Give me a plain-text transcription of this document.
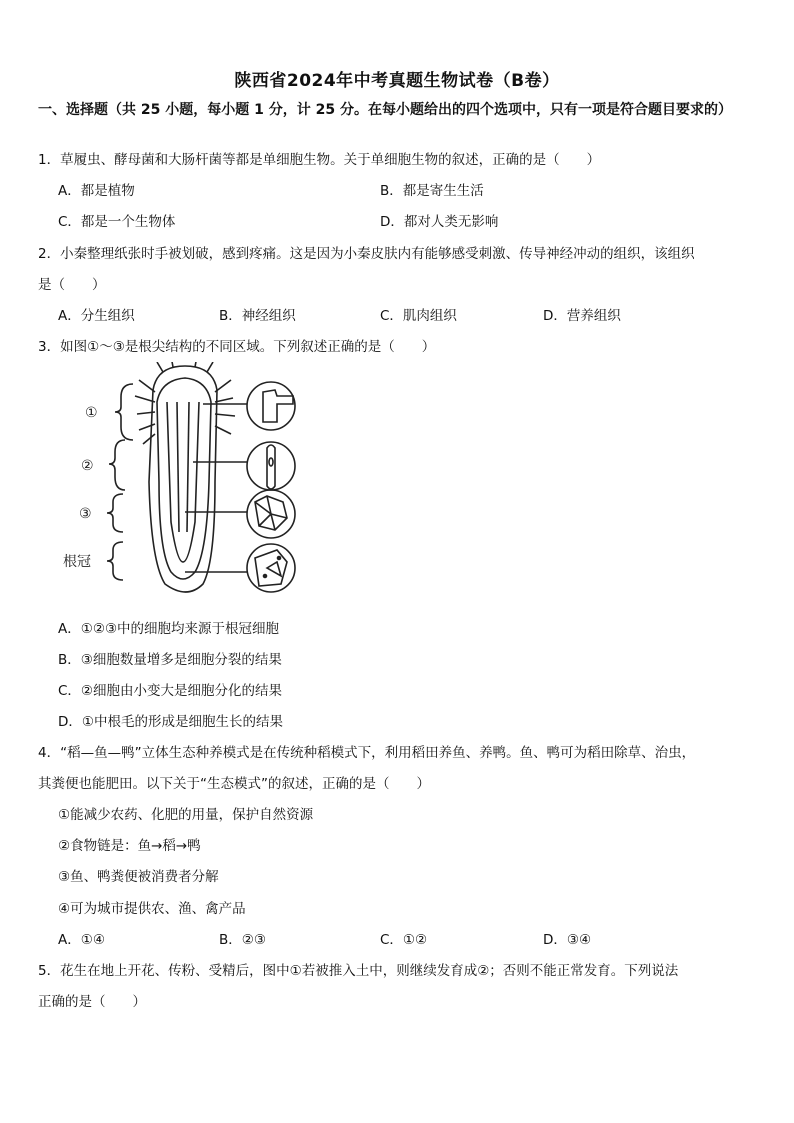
陕西省2024年中考真题生物试卷（B卷）
一、选择题（共 25 小题，每小题 1 分，计 25 分。在每小题给出的四个选项中，只有一项是符合题目要求的）
1．草履虫、酵母菌和大肠杆菌等都是单细胞生物。关于单细胞生物的叙述，正确的是（　　）
A．都是植物	B．都是寄生生活
C．都是一个生物体	D．都对人类无影响
2．小秦整理纸张时手被划破，感到疼痛。这是因为小秦皮肤内有能够感受刺激、传导神经冲动的组织，该组织
是（　　）
A．分生组织	B．神经组织	C．肌肉组织	D．营养组织
3．如图①～③是根尖结构的不同区域。下列叙述正确的是（　　）
①
②
③
根冠
A．①②③中的细胞均来源于根冠细胞
B．③细胞数量增多是细胞分裂的结果
C．②细胞由小变大是细胞分化的结果
D．①中根毛的形成是细胞生长的结果
4．“稻—鱼—鸭”立体生态种养模式是在传统种稻模式下，利用稻田养鱼、养鸭。鱼、鸭可为稻田除草、治虫，
其粪便也能肥田。以下关于“生态模式”的叙述，正确的是（　　）
①能减少农药、化肥的用量，保护自然资源
②食物链是：鱼→稻→鸭
③鱼、鸭粪便被消费者分解
④可为城市提供农、渔、禽产品
A．①④	B．②③	C．①②	D．③④
5．花生在地上开花、传粉、受精后，图中①若被推入土中，则继续发育成②；否则不能正常发育。下列说法
正确的是（　　）
